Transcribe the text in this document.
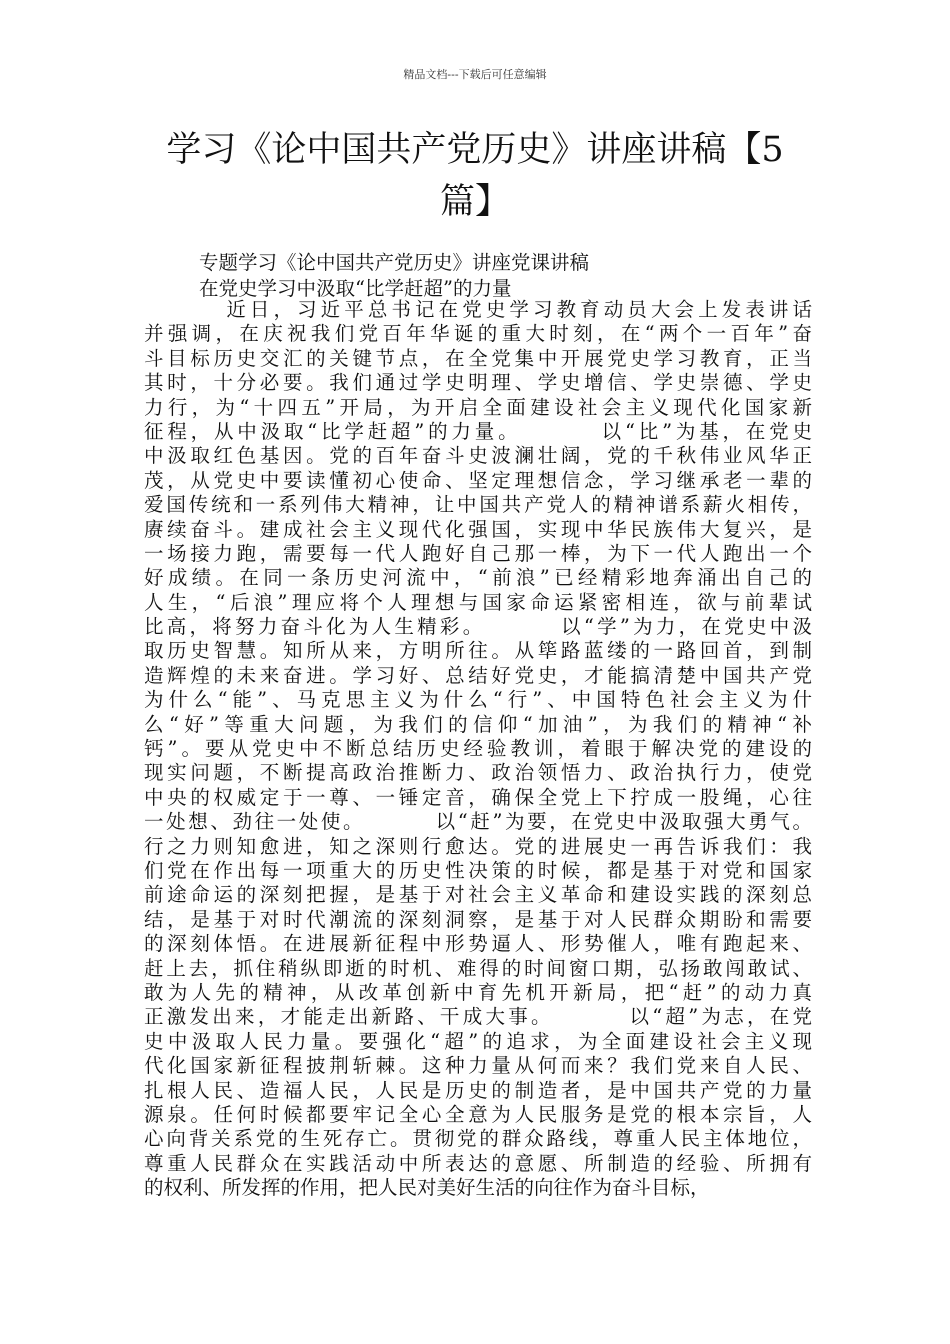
精品文档---下载后可任意编辑
学习《论中国共产党历史》讲座讲稿【5
篇】
专题学习《论中国共产党历史》讲座党课讲稿
在党史学习中汲取“比学赶超”的力量
近日，习近平总书记在党史学习教育动员大会上发表讲话
并强调，在庆祝我们党百年华诞的重大时刻，在“两个一百年”奋
斗目标历史交汇的关键节点，在全党集中开展党史学习教育，正当
其时，十分必要。我们通过学史明理、学史增信、学史崇德、学史
力行，为“十四五”开局，为开启全面建设社会主义现代化国家新
征程，从中汲取“比学赶超”的力量。        以“比”为基，在党史
中汲取红色基因。党的百年奋斗史波澜壮阔，党的千秋伟业风华正
茂，从党史中要读懂初心使命、坚定理想信念，学习继承老一辈的
爱国传统和一系列伟大精神，让中国共产党人的精神谱系薪火相传，
赓续奋斗。建成社会主义现代化强国，实现中华民族伟大复兴，是
一场接力跑，需要每一代人跑好自己那一棒，为下一代人跑出一个
好成绩。在同一条历史河流中，“前浪”已经精彩地奔涌出自己的
人生，“后浪”理应将个人理想与国家命运紧密相连，欲与前辈试
比高，将努力奋斗化为人生精彩。        以“学”为力，在党史中汲
取历史智慧。知所从来，方明所往。从筚路蓝缕的一路回首，到制
造辉煌的未来奋进。学习好、总结好党史，才能搞清楚中国共产党
为什么“能”、马克思主义为什么“行”、中国特色社会主义为什
么“好”等重大问题，为我们的信仰“加油”，为我们的精神“补
钙”。要从党史中不断总结历史经验教训，着眼于解决党的建设的
现实问题，不断提高政治推断力、政治领悟力、政治执行力，使党
中央的权威定于一尊、一锤定音，确保全党上下拧成一股绳，心往
一处想、劲往一处使。        以“赶”为要，在党史中汲取强大勇气。
行之力则知愈进，知之深则行愈达。党的进展史一再告诉我们：我
们党在作出每一项重大的历史性决策的时候，都是基于对党和国家
前途命运的深刻把握，是基于对社会主义革命和建设实践的深刻总
结，是基于对时代潮流的深刻洞察，是基于对人民群众期盼和需要
的深刻体悟。在进展新征程中形势逼人、形势催人，唯有跑起来、
赶上去，抓住稍纵即逝的时机、难得的时间窗口期，弘扬敢闯敢试、
敢为人先的精神，从改革创新中育先机开新局，把“赶”的动力真
正激发出来，才能走出新路、干成大事。        以“超”为志，在党
史中汲取人民力量。要强化“超”的追求，为全面建设社会主义现
代化国家新征程披荆斩棘。这种力量从何而来？我们党来自人民、
扎根人民、造福人民，人民是历史的制造者，是中国共产党的力量
源泉。任何时候都要牢记全心全意为人民服务是党的根本宗旨，人
心向背关系党的生死存亡。贯彻党的群众路线，尊重人民主体地位，
尊重人民群众在实践活动中所表达的意愿、所制造的经验、所拥有
的权利、所发挥的作用，把人民对美好生活的向往作为奋斗目标，
